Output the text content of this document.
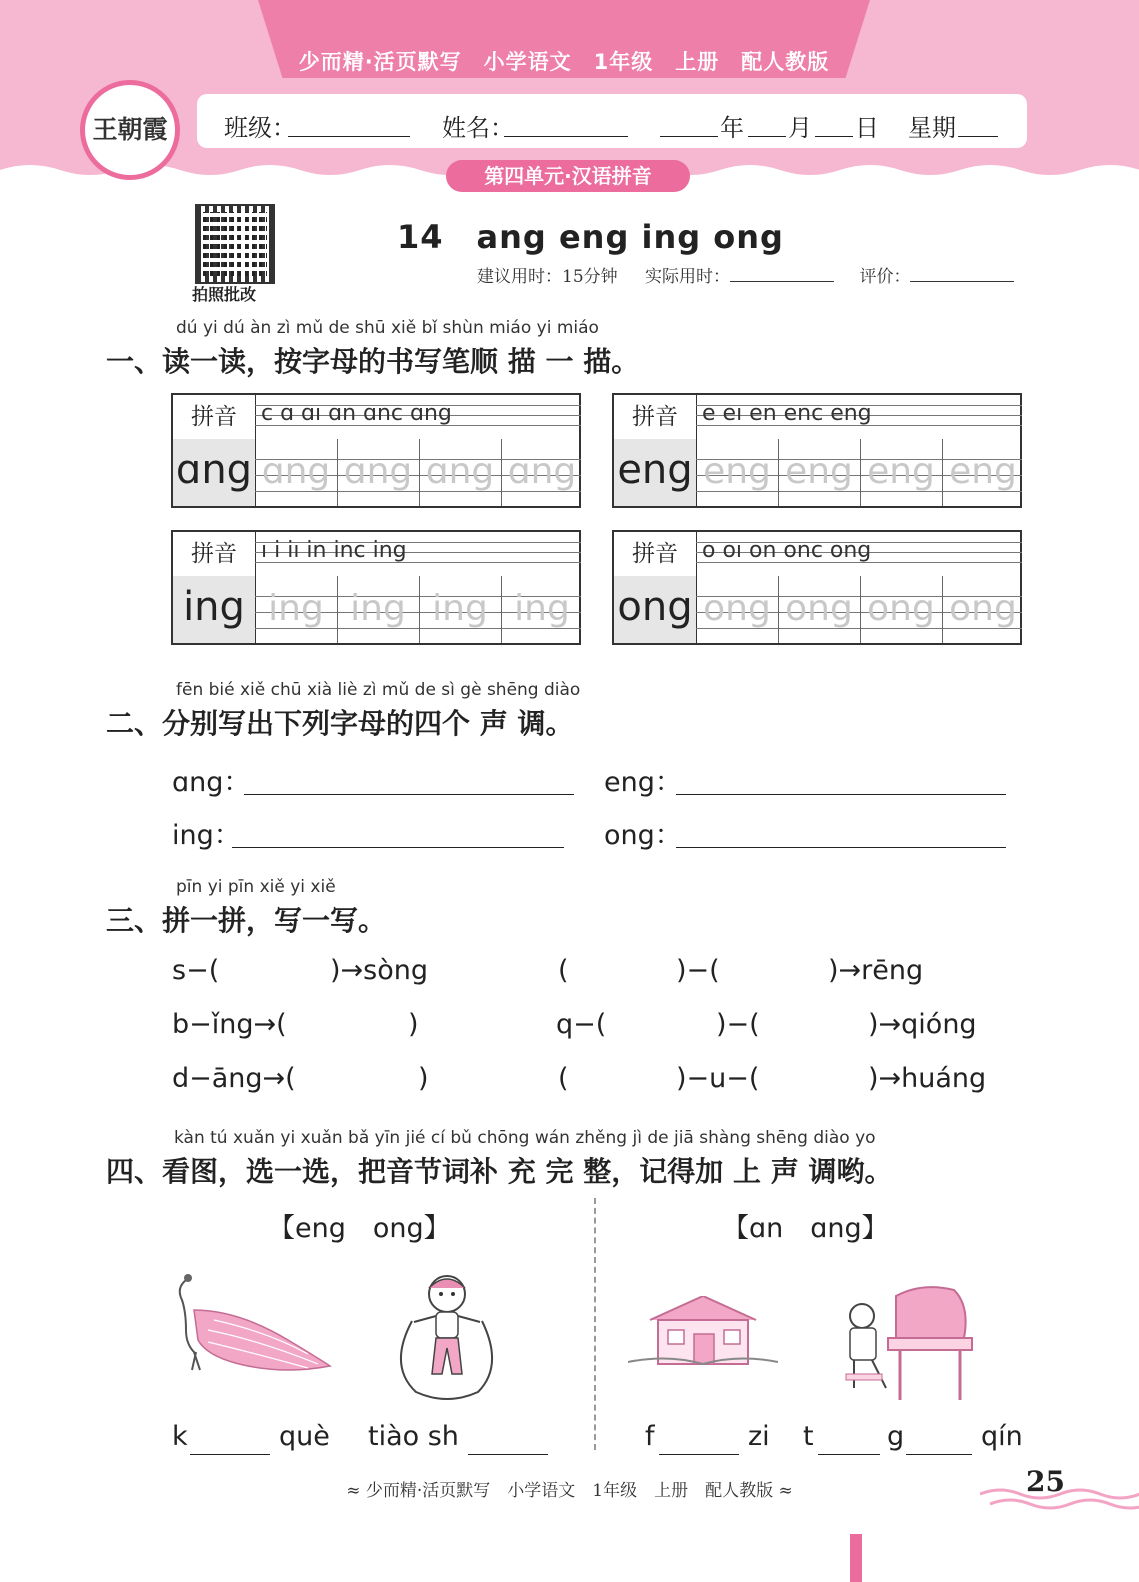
少而精·活页默写　小学语文　1年级　上册　配人教版
王朝霞	班级：	姓名：	年 月 日 星期
第四单元·汉语拼音
拍照批改
14　ang eng ing ong
建议用时：15分钟 实际用时：	评价：
dú yi dú àn zì mǔ de shū xiě bǐ shùn miáo yi miáo
一、读一读，按字母的书写笔顺 描 一 描。
拼音	c ɑ ɑı ɑn ɑnc ɑng
ɑng ɑng ɑng ɑng ɑng
拼音	e eı en enc eng
eng eng eng eng eng
拼音	ı i iı in inc ing
ing ing ing ing ing
拼音	o oı on onc ong
ong ong ong ong ong
fēn bié xiě chū xià liè zì mǔ de sì gè shēng diào
二、分别写出下列字母的四个 声 调。
ɑng：	eng：
ing：	ong：
pīn yi pīn xiě yi xiě
三、拼一拼，写一写。
s−(	)→sòng	(	)−(	)→rēng
b−ǐng→(	)	q−(	)−(	)→qióng
d−āng→(	)	(	)−u−(	)→huáng
kàn tú xuǎn yi xuǎn bǎ yīn jié cí bǔ chōng wán zhěng jì de jiā shàng shēng diào yo
四、看图，选一选，把音节词补 充 完 整，记得加 上 声 调哟。
【eng　ong】	【ɑn　ɑng】
k	què tiào sh	f	zi t	g	qín
≈ 少而精·活页默写　小学语文　1年级　上册　配人教版 ≈	25
